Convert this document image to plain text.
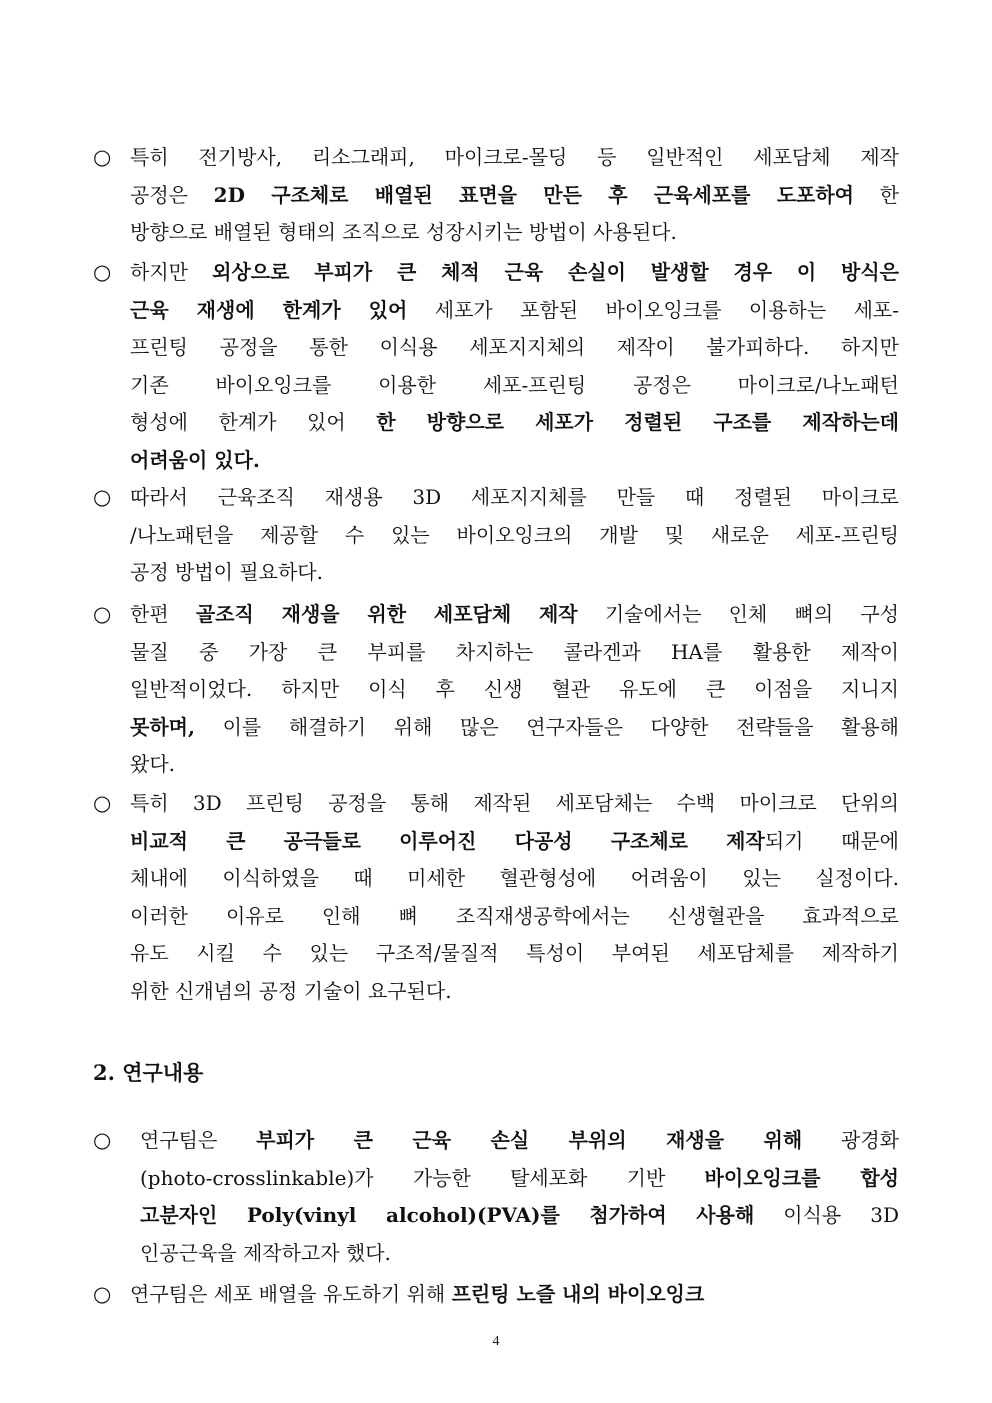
○ 특히 전기방사, 리소그래피, 마이크로-몰딩 등 일반적인 세포담체 제작
공정은 2D 구조체로 배열된 표면을 만든 후 근육세포를 도포하여 한
방향으로 배열된 형태의 조직으로 성장시키는 방법이 사용된다.
○ 하지만 외상으로 부피가 큰 체적 근육 손실이 발생할 경우 이 방식은
근육 재생에 한계가 있어 세포가 포함된 바이오잉크를 이용하는 세포-
프린팅 공정을 통한 이식용 세포지지체의 제작이 불가피하다. 하지만
기존 바이오잉크를 이용한 세포-프린팅 공정은 마이크로/나노패턴
형성에 한계가 있어 한 방향으로 세포가 정렬된 구조를 제작하는데
어려움이 있다.
○ 따라서 근육조직 재생용 3D 세포지지체를 만들 때 정렬된 마이크로
/나노패턴을 제공할 수 있는 바이오잉크의 개발 및 새로운 세포-프린팅
공정 방법이 필요하다.
○ 한편 골조직 재생을 위한 세포담체 제작 기술에서는 인체 뼈의 구성
물질 중 가장 큰 부피를 차지하는 콜라겐과 HA를 활용한 제작이
일반적이었다. 하지만 이식 후 신생 혈관 유도에 큰 이점을 지니지
못하며, 이를 해결하기 위해 많은 연구자들은 다양한 전략들을 활용해
왔다.
○ 특히 3D 프린팅 공정을 통해 제작된 세포담체는 수백 마이크로 단위의
비교적 큰 공극들로 이루어진 다공성 구조체로 제작되기 때문에
체내에 이식하였을 때 미세한 혈관형성에 어려움이 있는 실정이다.
이러한 이유로 인해 뼈 조직재생공학에서는 신생혈관을 효과적으로
유도 시킬 수 있는 구조적/물질적 특성이 부여된 세포담체를 제작하기
위한 신개념의 공정 기술이 요구된다.
2. 연구내용
○ 연구팀은 부피가 큰 근육 손실 부위의 재생을 위해 광경화
(photo-crosslinkable)가 가능한 탈세포화 기반 바이오잉크를 합성
고분자인 Poly(vinyl alcohol)(PVA)를 첨가하여 사용해 이식용 3D
인공근육을 제작하고자 했다.
○ 연구팀은 세포 배열을 유도하기 위해 프린팅 노즐 내의 바이오잉크
4
